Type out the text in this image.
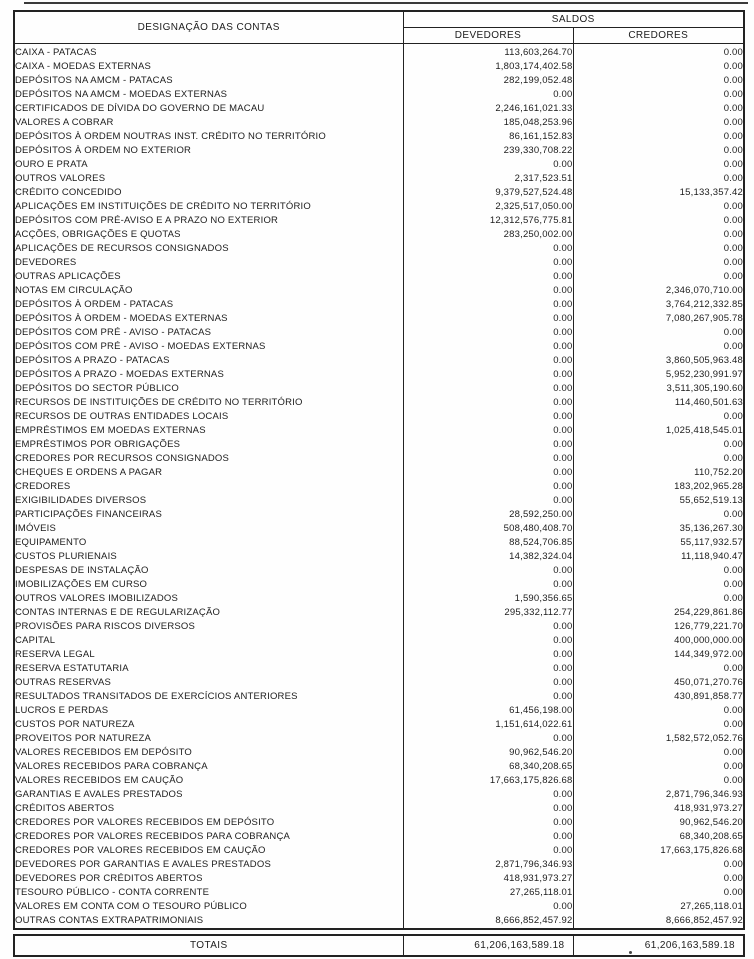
DESIGNAÇÃO DAS CONTAS	SALDOS	
	DEVEDORES	CREDORES
CAIXA - PATACAS	113,603,264.70	0.00
CAIXA - MOEDAS EXTERNAS	1,803,174,402.58	0.00
DEPÓSITOS NA AMCM - PATACAS	282,199,052.48	0.00
DEPÓSITOS NA AMCM - MOEDAS EXTERNAS	0.00	0.00
CERTIFICADOS DE DÍVIDA DO GOVERNO DE MACAU	2,246,161,021.33	0.00
VALORES A COBRAR	185,048,253.96	0.00
DEPÓSITOS À ORDEM NOUTRAS INST. CRÉDITO NO TERRITÓRIO	86,161,152.83	0.00
DEPÓSITOS À ORDEM NO EXTERIOR	239,330,708.22	0.00
OURO E PRATA	0.00	0.00
OUTROS VALORES	2,317,523.51	0.00
CRÉDITO CONCEDIDO	9,379,527,524.48	15,133,357.42
APLICAÇÕES EM INSTITUIÇÕES DE CRÉDITO NO TERRITÓRIO	2,325,517,050.00	0.00
DEPÓSITOS COM PRÉ-AVISO E A PRAZO NO EXTERIOR	12,312,576,775.81	0.00
ACÇÕES, OBRIGAÇÕES E QUOTAS	283,250,002.00	0.00
APLICAÇÕES DE RECURSOS CONSIGNADOS	0.00	0.00
DEVEDORES	0.00	0.00
OUTRAS APLICAÇÕES	0.00	0.00
NOTAS EM CIRCULAÇÃO	0.00	2,346,070,710.00
DEPÓSITOS À ORDEM - PATACAS	0.00	3,764,212,332.85
DEPÓSITOS À ORDEM - MOEDAS EXTERNAS	0.00	7,080,267,905.78
DEPÓSITOS COM PRÉ - AVISO - PATACAS	0.00	0.00
DEPÓSITOS COM PRÉ - AVISO - MOEDAS EXTERNAS	0.00	0.00
DEPÓSITOS A PRAZO - PATACAS	0.00	3,860,505,963.48
DEPÓSITOS A PRAZO - MOEDAS EXTERNAS	0.00	5,952,230,991.97
DEPÓSITOS DO SECTOR PÚBLICO	0.00	3,511,305,190.60
RECURSOS DE INSTITUIÇÕES DE CRÉDITO NO TERRITÓRIO	0.00	114,460,501.63
RECURSOS DE OUTRAS ENTIDADES LOCAIS	0.00	0.00
EMPRÉSTIMOS EM MOEDAS EXTERNAS	0.00	1,025,418,545.01
EMPRÉSTIMOS POR OBRIGAÇÕES	0.00	0.00
CREDORES POR RECURSOS CONSIGNADOS	0.00	0.00
CHEQUES E ORDENS A PAGAR	0.00	110,752.20
CREDORES	0.00	183,202,965.28
EXIGIBILIDADES DIVERSOS	0.00	55,652,519.13
PARTICIPAÇÕES FINANCEIRAS	28,592,250.00	0.00
IMÓVEIS	508,480,408.70	35,136,267.30
EQUIPAMENTO	88,524,706.85	55,117,932.57
CUSTOS PLURIENAIS	14,382,324.04	11,118,940.47
DESPESAS DE INSTALAÇÃO	0.00	0.00
IMOBILIZAÇÕES EM CURSO	0.00	0.00
OUTROS VALORES IMOBILIZADOS	1,590,356.65	0.00
CONTAS INTERNAS E DE REGULARIZAÇÃO	295,332,112.77	254,229,861.86
PROVISÕES PARA RISCOS DIVERSOS	0.00	126,779,221.70
CAPITAL	0.00	400,000,000.00
RESERVA LEGAL	0.00	144,349,972.00
RESERVA ESTATUTARIA	0.00	0.00
OUTRAS RESERVAS	0.00	450,071,270.76
RESULTADOS TRANSITADOS DE EXERCÍCIOS ANTERIORES	0.00	430,891,858.77
LUCROS E PERDAS	61,456,198.00	0.00
CUSTOS POR NATUREZA	1,151,614,022.61	0.00
PROVEITOS POR NATUREZA	0.00	1,582,572,052.76
VALORES RECEBIDOS EM DEPÓSITO	90,962,546.20	0.00
VALORES RECEBIDOS PARA COBRANÇA	68,340,208.65	0.00
VALORES RECEBIDOS EM CAUÇÃO	17,663,175,826.68	0.00
GARANTIAS E AVALES PRESTADOS	0.00	2,871,796,346.93
CRÉDITOS ABERTOS	0.00	418,931,973.27
CREDORES POR VALORES RECEBIDOS EM DEPÓSITO	0.00	90,962,546.20
CREDORES POR VALORES RECEBIDOS PARA COBRANÇA	0.00	68,340,208.65
CREDORES POR VALORES RECEBIDOS EM CAUÇÃO	0.00	17,663,175,826.68
DEVEDORES POR GARANTIAS E AVALES PRESTADOS	2,871,796,346.93	0.00
DEVEDORES POR CRÉDITOS ABERTOS	418,931,973.27	0.00
TESOURO PÚBLICO - CONTA CORRENTE	27,265,118.01	0.00
VALORES EM CONTA COM O TESOURO PÚBLICO	0.00	27,265,118.01
OUTRAS CONTAS EXTRAPATRIMONIAIS	8,666,852,457.92	8,666,852,457.92
TOTAIS	61,206,163,589.18	61,206,163,589.18
